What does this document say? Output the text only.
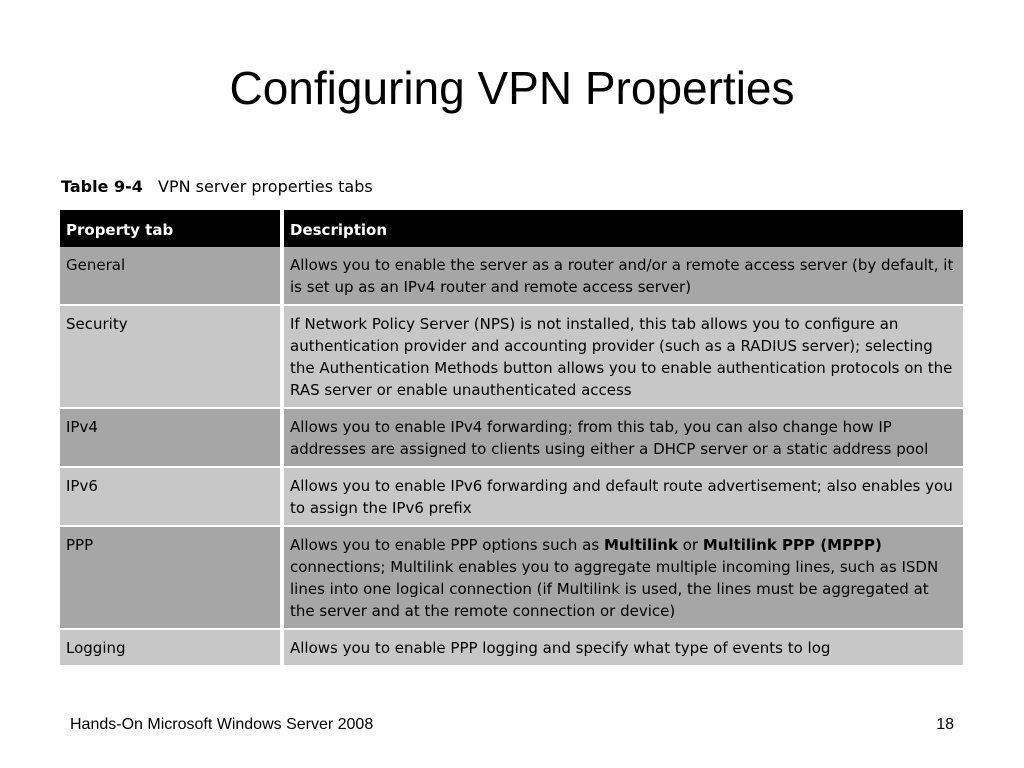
Configuring VPN Properties
Table 9-4 VPN server properties tabs
Property tab	Description
General	Allows you to enable the server as a router and/or a remote access server (by default, it is set up as an IPv4 router and remote access server)
Security	If Network Policy Server (NPS) is not installed, this tab allows you to configure an authentication provider and accounting provider (such as a RADIUS server); selecting the Authentication Methods button allows you to enable authentication protocols on the RAS server or enable unauthenticated access
IPv4	Allows you to enable IPv4 forwarding; from this tab, you can also change how IP addresses are assigned to clients using either a DHCP server or a static address pool
IPv6	Allows you to enable IPv6 forwarding and default route advertisement; also enables you to assign the IPv6 prefix
PPP	Allows you to enable PPP options such as Multilink or Multilink PPP (MPPP) connections; Multilink enables you to aggregate multiple incoming lines, such as ISDN lines into one logical connection (if Multilink is used, the lines must be aggregated at the server and at the remote connection or device)
Logging	Allows you to enable PPP logging and specify what type of events to log
Hands-On Microsoft Windows Server 2008	18
